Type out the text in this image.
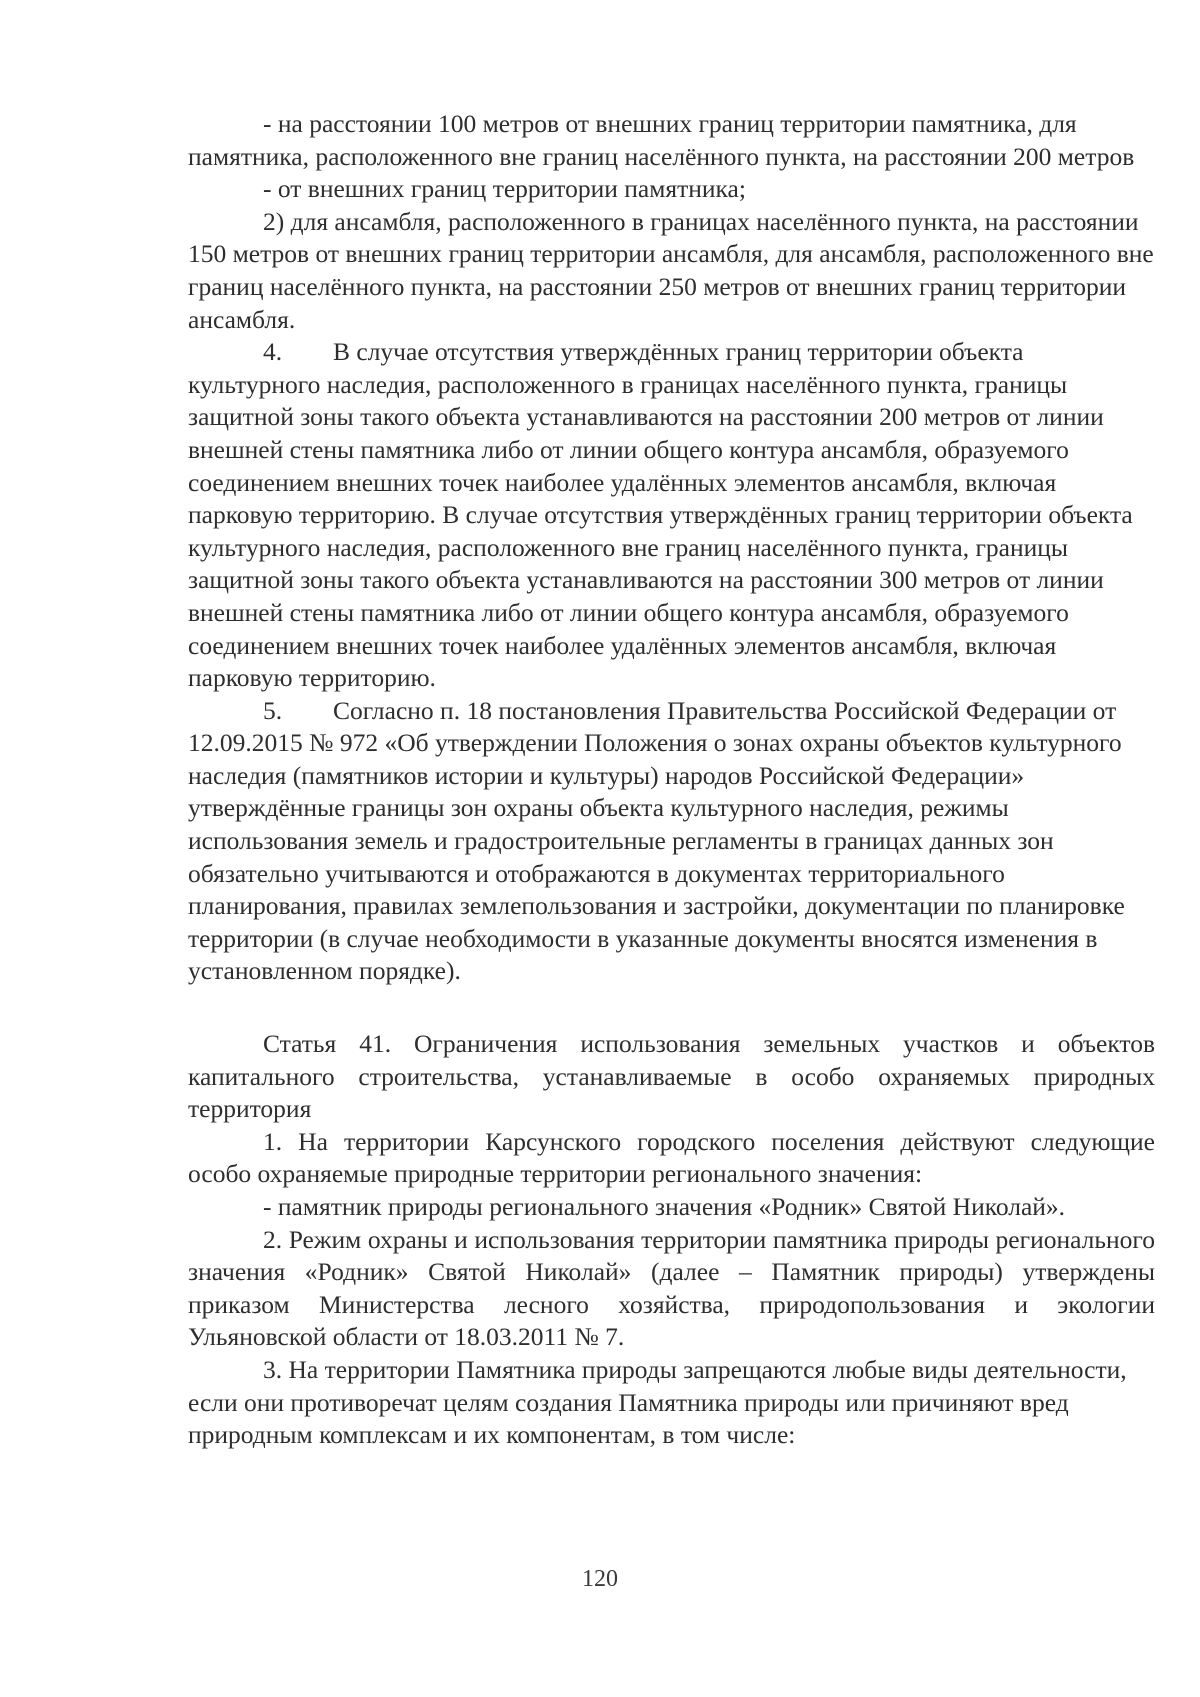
- на расстоянии 100 метров от внешних границ территории памятника, для памятника, расположенного вне границ населённого пункта, на расстоянии 200 метров

- от внешних границ территории памятника;

2) для ансамбля, расположенного в границах населённого пункта, на расстоянии 150 метров от внешних границ территории ансамбля, для ансамбля, расположенного вне границ населённого пункта, на расстоянии 250 метров от внешних границ территории ансамбля.

4. В случае отсутствия утверждённых границ территории объекта культурного наследия, расположенного в границах населённого пункта, границы защитной зоны такого объекта устанавливаются на расстоянии 200 метров от линии внешней стены памятника либо от линии общего контура ансамбля, образуемого соединением внешних точек наиболее удалённых элементов ансамбля, включая парковую территорию. В случае отсутствия утверждённых границ территории объекта культурного наследия, расположенного вне границ населённого пункта, границы защитной зоны такого объекта устанавливаются на расстоянии 300 метров от линии внешней стены памятника либо от линии общего контура ансамбля, образуемого соединением внешних точек наиболее удалённых элементов ансамбля, включая парковую территорию.

5. Согласно п. 18 постановления Правительства Российской Федерации от 12.09.2015 № 972 «Об утверждении Положения о зонах охраны объектов культурного наследия (памятников истории и культуры) народов Российской Федерации» утверждённые границы зон охраны объекта культурного наследия, режимы использования земель и градостроительные регламенты в границах данных зон обязательно учитываются и отображаются в документах территориального планирования, правилах землепользования и застройки, документации по планировке территории (в случае необходимости в указанные документы вносятся изменения в установленном порядке).

Статья 41. Ограничения использования земельных участков и объектов капитального строительства, устанавливаемые в особо охраняемых природных территория

1. На территории Карсунского городского поселения действуют следующие особо охраняемые природные территории регионального значения:

- памятник природы регионального значения «Родник» Святой Николай».

2. Режим охраны и использования территории памятника природы регионального значения «Родник» Святой Николай» (далее – Памятник природы) утверждены приказом Министерства лесного хозяйства, природопользования и экологии Ульяновской области от 18.03.2011 № 7.

3. На территории Памятника природы запрещаются любые виды деятельности, если они противоречат целям создания Памятника природы или причиняют вред природным комплексам и их компонентам, в том числе:

120
